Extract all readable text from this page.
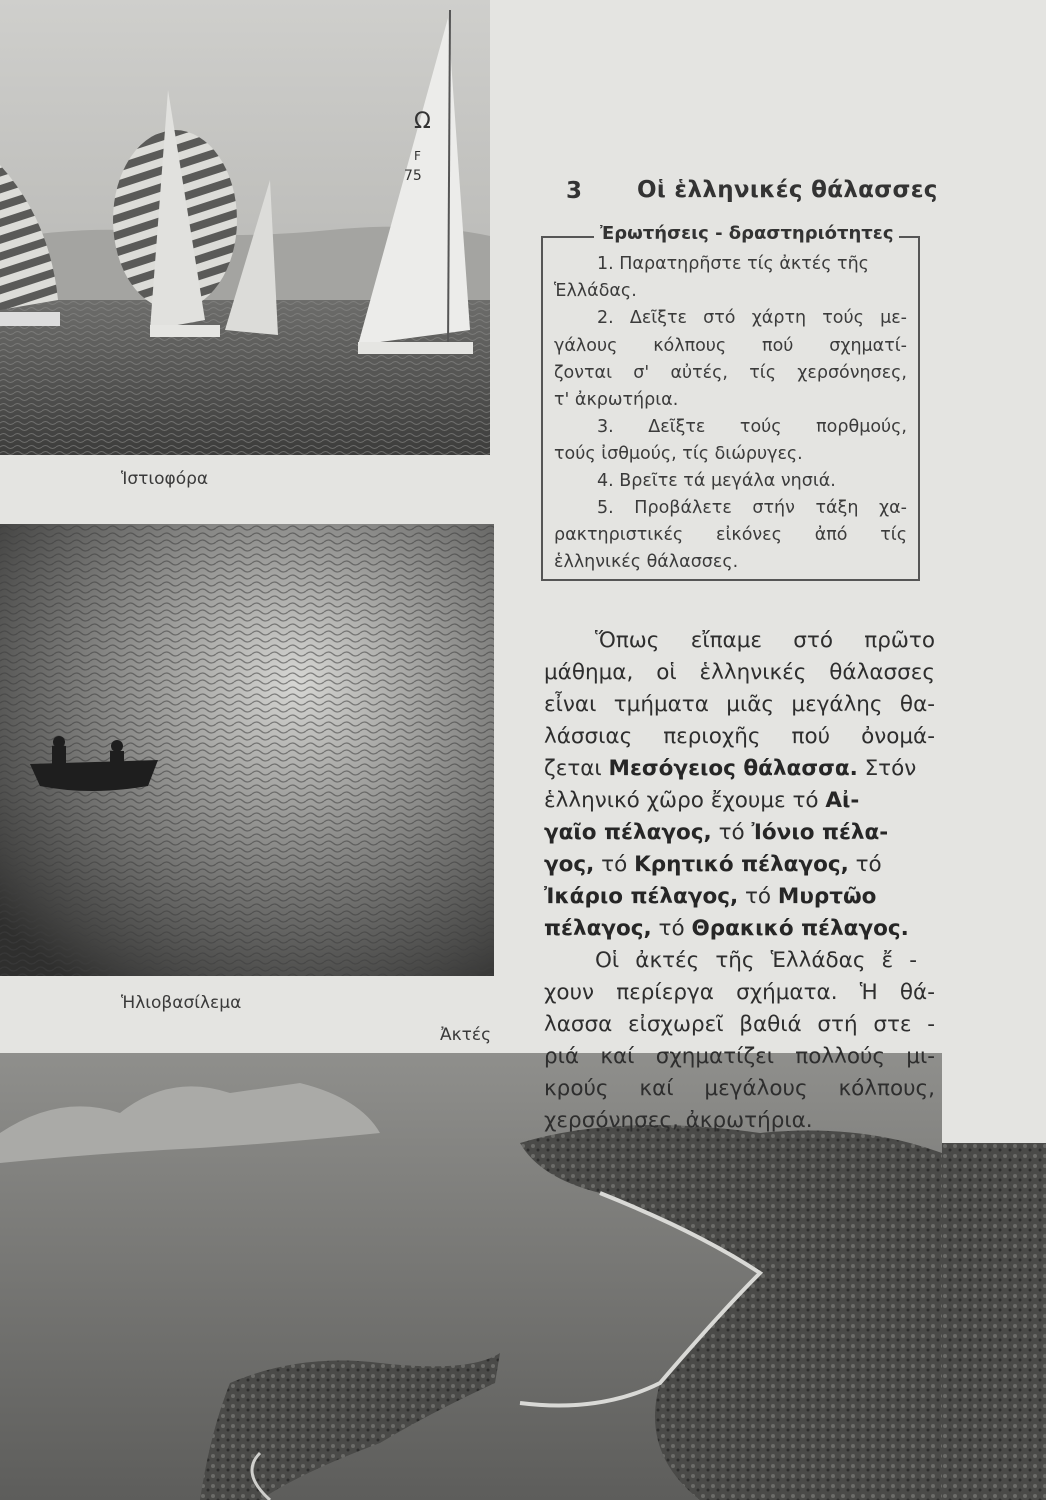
Ω
F
75
Ἱστιοφόρα
Ἡλιοβασίλεμα
Ἀκτές
3 Οἱ ἑλληνικές θάλασσες
Ἐρωτήσεις - δραστηριότητες
1. Παρατηρῆστε τίς ἀκτές τῆς
Ἑλλάδας.
2. Δεῖξτε στό χάρτη τούς με-
γάλους κόλπους πού σχηματί-
ζονται σ' αὐτές, τίς χερσόνησες,
τ' ἀκρωτήρια.
3. Δεῖξτε τούς πορθμούς,
τούς ἰσθμούς, τίς διώρυγες.
4. Βρεῖτε τά μεγάλα νησιά.
5. Προβάλετε στήν τάξη χα-
ρακτηριστικές εἰκόνες ἀπό τίς
ἑλληνικές θάλασσες.
Ὅπως εἴπαμε στό πρῶτο
μάθημα, οἱ ἑλληνικές θάλασσες
εἶναι τμήματα μιᾶς μεγάλης θα-
λάσσιας περιοχῆς πού ὀνομά-
ζεται Μεσόγειος θάλασσα. Στόν
ἑλληνικό χῶρο ἔχουμε τό Αἰ-
γαῖο πέλαγος, τό Ἰόνιο πέλα-
γος, τό Κρητικό πέλαγος, τό
Ἰκάριο πέλαγος, τό Μυρτῶο
πέλαγος, τό Θρακικό πέλαγος.
Οἱ ἀκτές τῆς Ἑλλάδας ἔ -
χουν περίεργα σχήματα. Ἡ θά-
λασσα εἰσχωρεῖ βαθιά στή στε -
ριά καί σχηματίζει πολλούς μι-
κρούς καί μεγάλους κόλπους,
χερσόνησες, ἀκρωτήρια.
